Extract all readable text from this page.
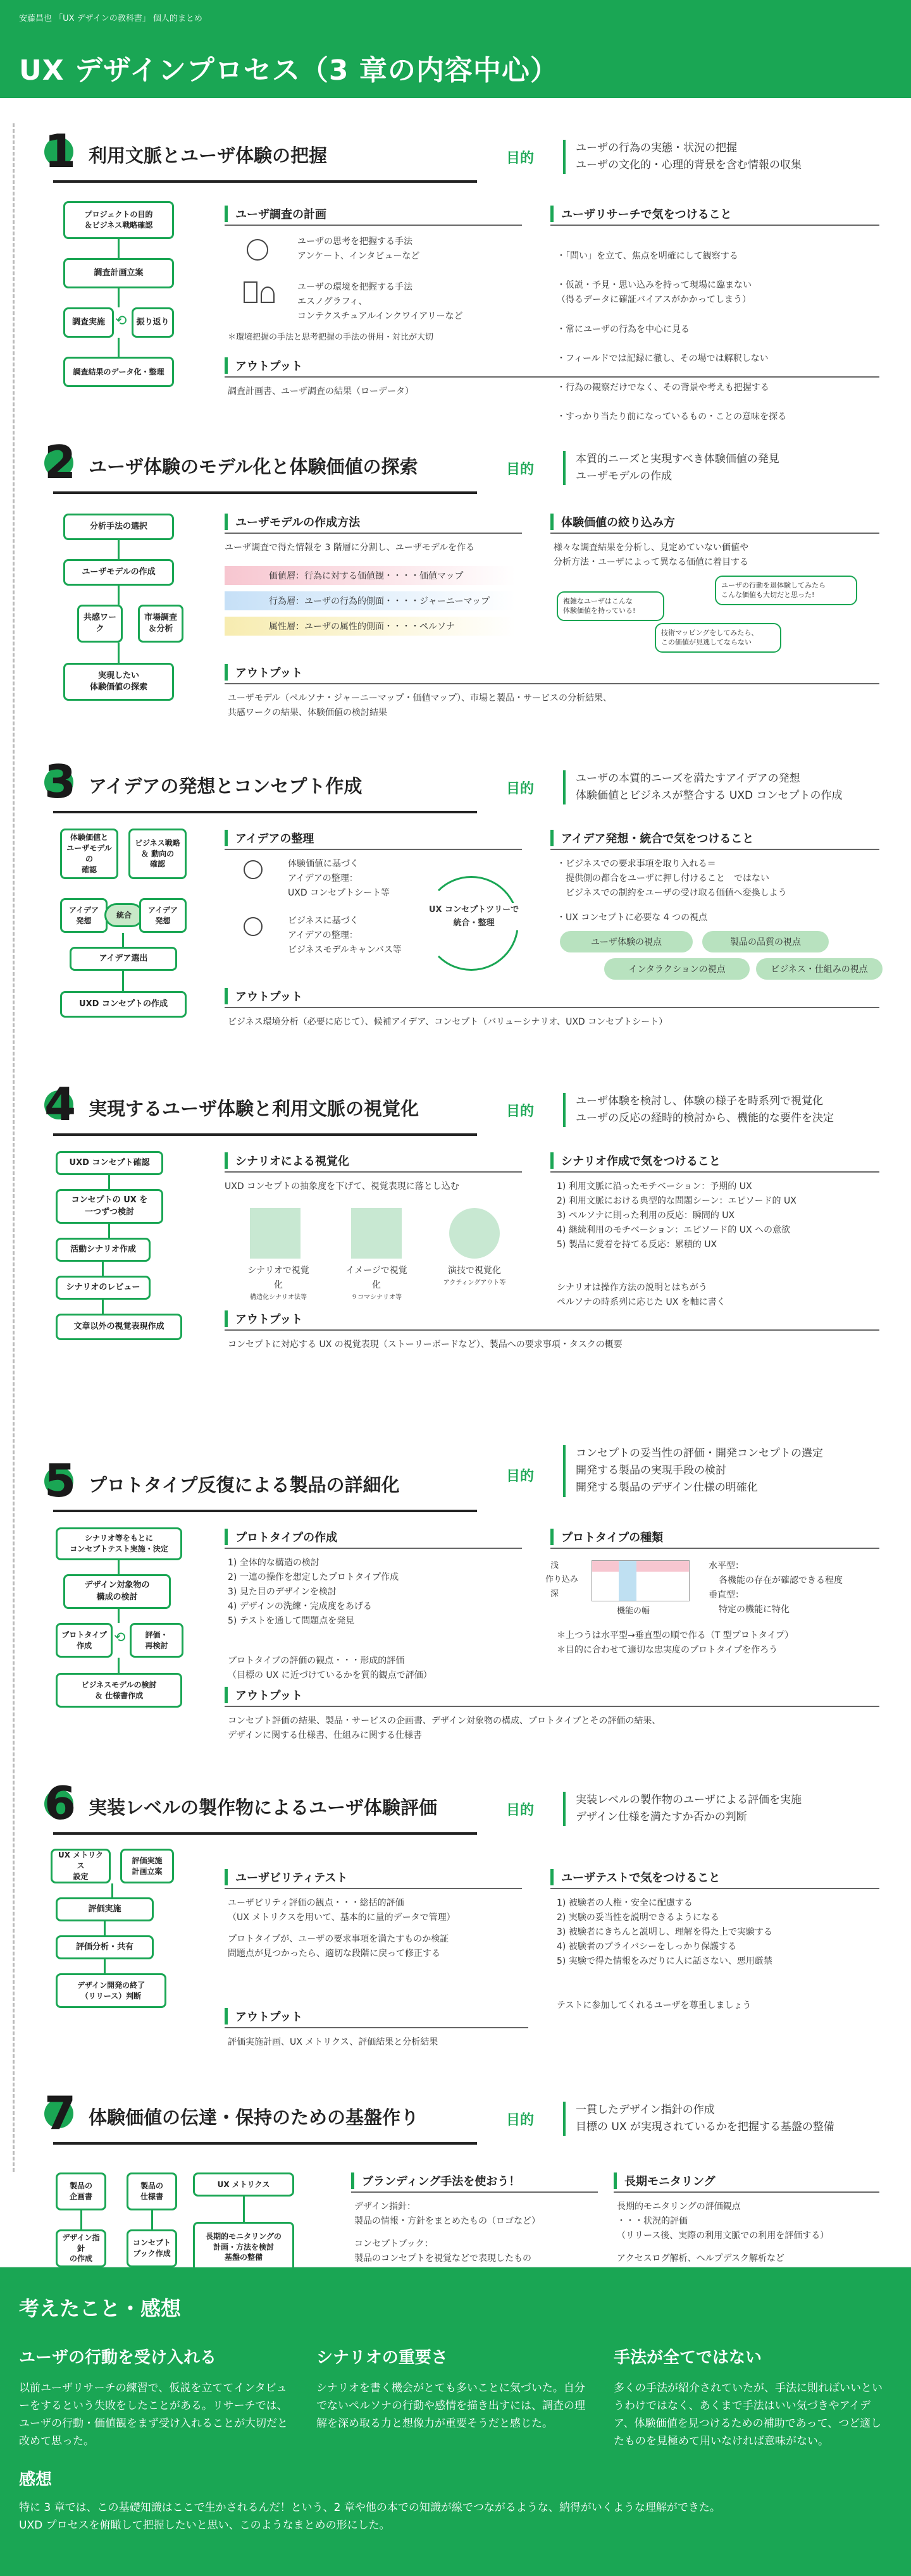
安藤昌也 「UX デザインの教科書」 個人的まとめ
UX デザインプロセス（3 章の内容中心）
1 利用文脈とユーザ体験の把握	目的
ユーザの行為の実態・状況の把握
ユーザの文化的・心理的背景を含む情報の収集
プロジェクトの目的
＆ビジネス戦略確認
調査計画立案
調査実施 ⟲	振り返り
調査結果のデータ化・整理
ユーザ調査の計画
ユーザの思考を把握する手法
アンケート、インタビューなど
ユーザの環境を把握する手法
エスノグラフィ、
コンテクスチュアルインクワイアリーなど
＊環境把握の手法と思考把握の手法の併用・対比が大切
ユーザリサーチで気をつけること

・「問い」を立て、焦点を明確にして観察する

・仮説・予見・思い込みを持って現場に臨まない
（得るデータに確証バイアスがかかってしまう）

・常にユーザの行為を中心に見る

・フィールドでは記録に徹し、その場では解釈しない

・行為の観察だけでなく、その背景や考えも把握する

・すっかり当たり前になっているもの・ことの意味を探る

アウトプット
調査計画書、ユーザ調査の結果（ローデータ）
2 ユーザ体験のモデル化と体験価値の探索	目的
本質的ニーズと実現すべき体験価値の発見
ユーザモデルの作成
分析手法の選択
ユーザモデルの作成
共感ワーク
市場調査
＆分析
実現したい
体験価値の探索
ユーザモデルの作成方法
ユーザ調査で得た情報を 3 階層に分割し、ユーザモデルを作る
価値層：行為に対する価値観・・・・価値マップ
行為層：ユーザの行為的側面・・・・ジャーニーマップ
属性層：ユーザの属性的側面・・・・ペルソナ
体験価値の絞り込み方
様々な調査結果を分析し、見定めていない価値や
分析方法・ユーザによって異なる価値に着目する
複雑なユーザはこんな
体験価値を持っている!
ユーザの行動を退体験してみたら
こんな価値も大切だと思った!
技術マッピングをしてみたら、
この価値が見逃してならない
アウトプット
ユーザモデル（ペルソナ・ジャーニーマップ・価値マップ）、市場と製品・サービスの分析結果、
共感ワークの結果、体験価値の検討結果
3 アイデアの発想とコンセプト作成	目的
ユーザの本質的ニーズを満たすアイデアの発想
体験価値とビジネスが整合する UXD コンセプトの作成
体験価値と
ユーザモデルの
確認
ビジネス戦略
＆ 動向の
確認
アイデア
発想
統合
アイデア
発想
アイデア選出
UXD コンセプトの作成
アイデアの整理
体験価値に基づく
アイデアの整理：
UXD コンセプトシート等
ビジネスに基づく
アイデアの整理：
ビジネスモデルキャンバス等
UX コンセプトツリーで
統合・整理
アイデア発想・統合で気をつけること
・ビジネスでの要求事項を取り入れる＝
　提供側の都合をユーザに押し付けること　ではない
　ビジネスでの制約をユーザの受け取る価値へ変換しよう
・UX コンセプトに必要な 4 つの視点
ユーザ体験の視点	製品の品質の視点
インタラクションの視点	ビジネス・仕組みの視点
アウトプット
ビジネス環境分析（必要に応じて）、候補アイデア、コンセプト（バリューシナリオ、UXD コンセプトシート）
4 実現するユーザ体験と利用文脈の視覚化	目的
ユーザ体験を検討し、体験の様子を時系列で視覚化
ユーザの反応の経時的検討から、機能的な要件を決定
UXD コンセプト確認
コンセプトの UX を
一つずつ検討
活動シナリオ作成
シナリオのレビュー
文章以外の視覚表現作成
シナリオによる視覚化
UXD コンセプトの抽象度を下げて、視覚表現に落とし込む
シナリオで視覚化
構造化シナリオ法等
イメージで視覚化
９コマシナリオ等
演技で視覚化
アクティングアウト等
シナリオ作成で気をつけること
1) 利用文脈に沿ったモチベーション：予期的 UX
2) 利用文脈における典型的な問題シーン：エピソード的 UX
3) ペルソナに則った利用の反応：瞬間的 UX
4) 継続利用のモチベーション：エピソード的 UX への意欲
5) 製品に愛着を持てる反応：累積的 UX
シナリオは操作方法の説明とはちがう
ペルソナの時系列に応じた UX を軸に書く
アウトプット
コンセプトに対応する UX の視覚表現（ストーリーボードなど）、製品への要求事項・タスクの概要
5 プロトタイプ反復による製品の詳細化	目的
コンセプトの妥当性の評価・開発コンセプトの選定
開発する製品の実現手段の検討
開発する製品のデザイン仕様の明確化
シナリオ等をもとに
コンセプトテスト実施・決定
デザイン対象物の
構成の検討
プロトタイプ
作成	⟲	評価・
再検討
ビジネスモデルの検討
＆ 仕様書作成
プロトタイプの作成
1) 全体的な構造の検討
2) 一連の操作を想定したプロトタイプ作成
3) 見た目のデザインを検討
4) デザインの洗練・完成度をあげる
5) テストを通して問題点を発見
プロトタイプの評価の観点・・・形成的評価
（目標の UX に近づけているかを質的観点で評価）
プロトタイプの種類
浅
作り込み
深
機能の幅
水平型：
各機能の存在が確認できる程度
垂直型：
特定の機能に特化
＊上つうは水平型→垂直型の順で作る（T 型プロトタイプ）
＊目的に合わせて適切な忠実度のプロトタイプを作ろう
アウトプット
コンセプト評価の結果、製品・サービスの企画書、デザイン対象物の構成、プロトタイプとその評価の結果、
デザインに関する仕様書、仕組みに関する仕様書
6 実装レベルの製作物によるユーザ体験評価	目的
実装レベルの製作物のユーザによる評価を実施
デザイン仕様を満たすか否かの判断
UX メトリクス
設定
評価実施
計画立案
評価実施
評価分析・共有
デザイン開発の終了
（リリース）判断
ユーザビリティテスト
ユーザビリティ評価の観点・・・総括的評価
（UX メトリクスを用いて、基本的に量的データで管理）
プロトタイプが、ユーザの要求事項を満たすものか検証
問題点が見つかったら、適切な段階に戻って修正する
ユーザテストで気をつけること
1) 被験者の人権・安全に配慮する
2) 実験の妥当性を説明できるようになる
3) 被験者にきちんと説明し、理解を得た上で実験する
4) 被験者のプライバシーをしっかり保護する
5) 実験で得た情報をみだりに人に話さない、悪用厳禁
テストに参加してくれるユーザを尊重しましょう
アウトプット
評価実施計画、UX メトリクス、評価結果と分析結果
7 体験価値の伝達・保持のための基盤作り	目的
一貫したデザイン指針の作成
目標の UX が実現されているかを把握する基盤の整備
製品の
企画書
製品の
仕様書
UX メトリクス
デザイン指針
の作成
コンセプト
ブック作成
長期的モニタリングの
計画・方法を検討
基盤の整備
ブランディング手法を使おう！
デザイン指針：
製品の情報・方針をまとめたもの（ロゴなど）
コンセプトブック：
製品のコンセプトを視覚などで表現したもの
長期モニタリング
長期的モニタリングの評価観点
・・・状況的評価
（リリース後、実際の利用文脈での利用を評価する）
アクセスログ解析、ヘルプデスク解析など
考えたこと・感想
ユーザの行動を受け入れる

以前ユーザリサーチの練習で、仮説を立ててインタビューをするという失敗をしたことがある。リサーチでは、ユーザの行動・価値観をまず受け入れることが大切だと改めて思った。

シナリオの重要さ

シナリオを書く機会がとても多いことに気づいた。自分でないペルソナの行動や感情を描き出すには、調査の理解を深め取る力と想像力が重要そうだと感じた。

手法が全てではない

多くの手法が紹介されていたが、手法に則ればいいというわけではなく、あくまで手法はいい気づきやアイデア、体験価値を見つけるための補助であって、つど適したものを見極めて用いなければ意味がない。

感想

特に 3 章では、この基礎知識はここで生かされるんだ！という、2 章や他の本での知識が線でつながるような、納得がいくような理解ができた。
UXD プロセスを俯瞰して把握したいと思い、このようなまとめの形にした。
